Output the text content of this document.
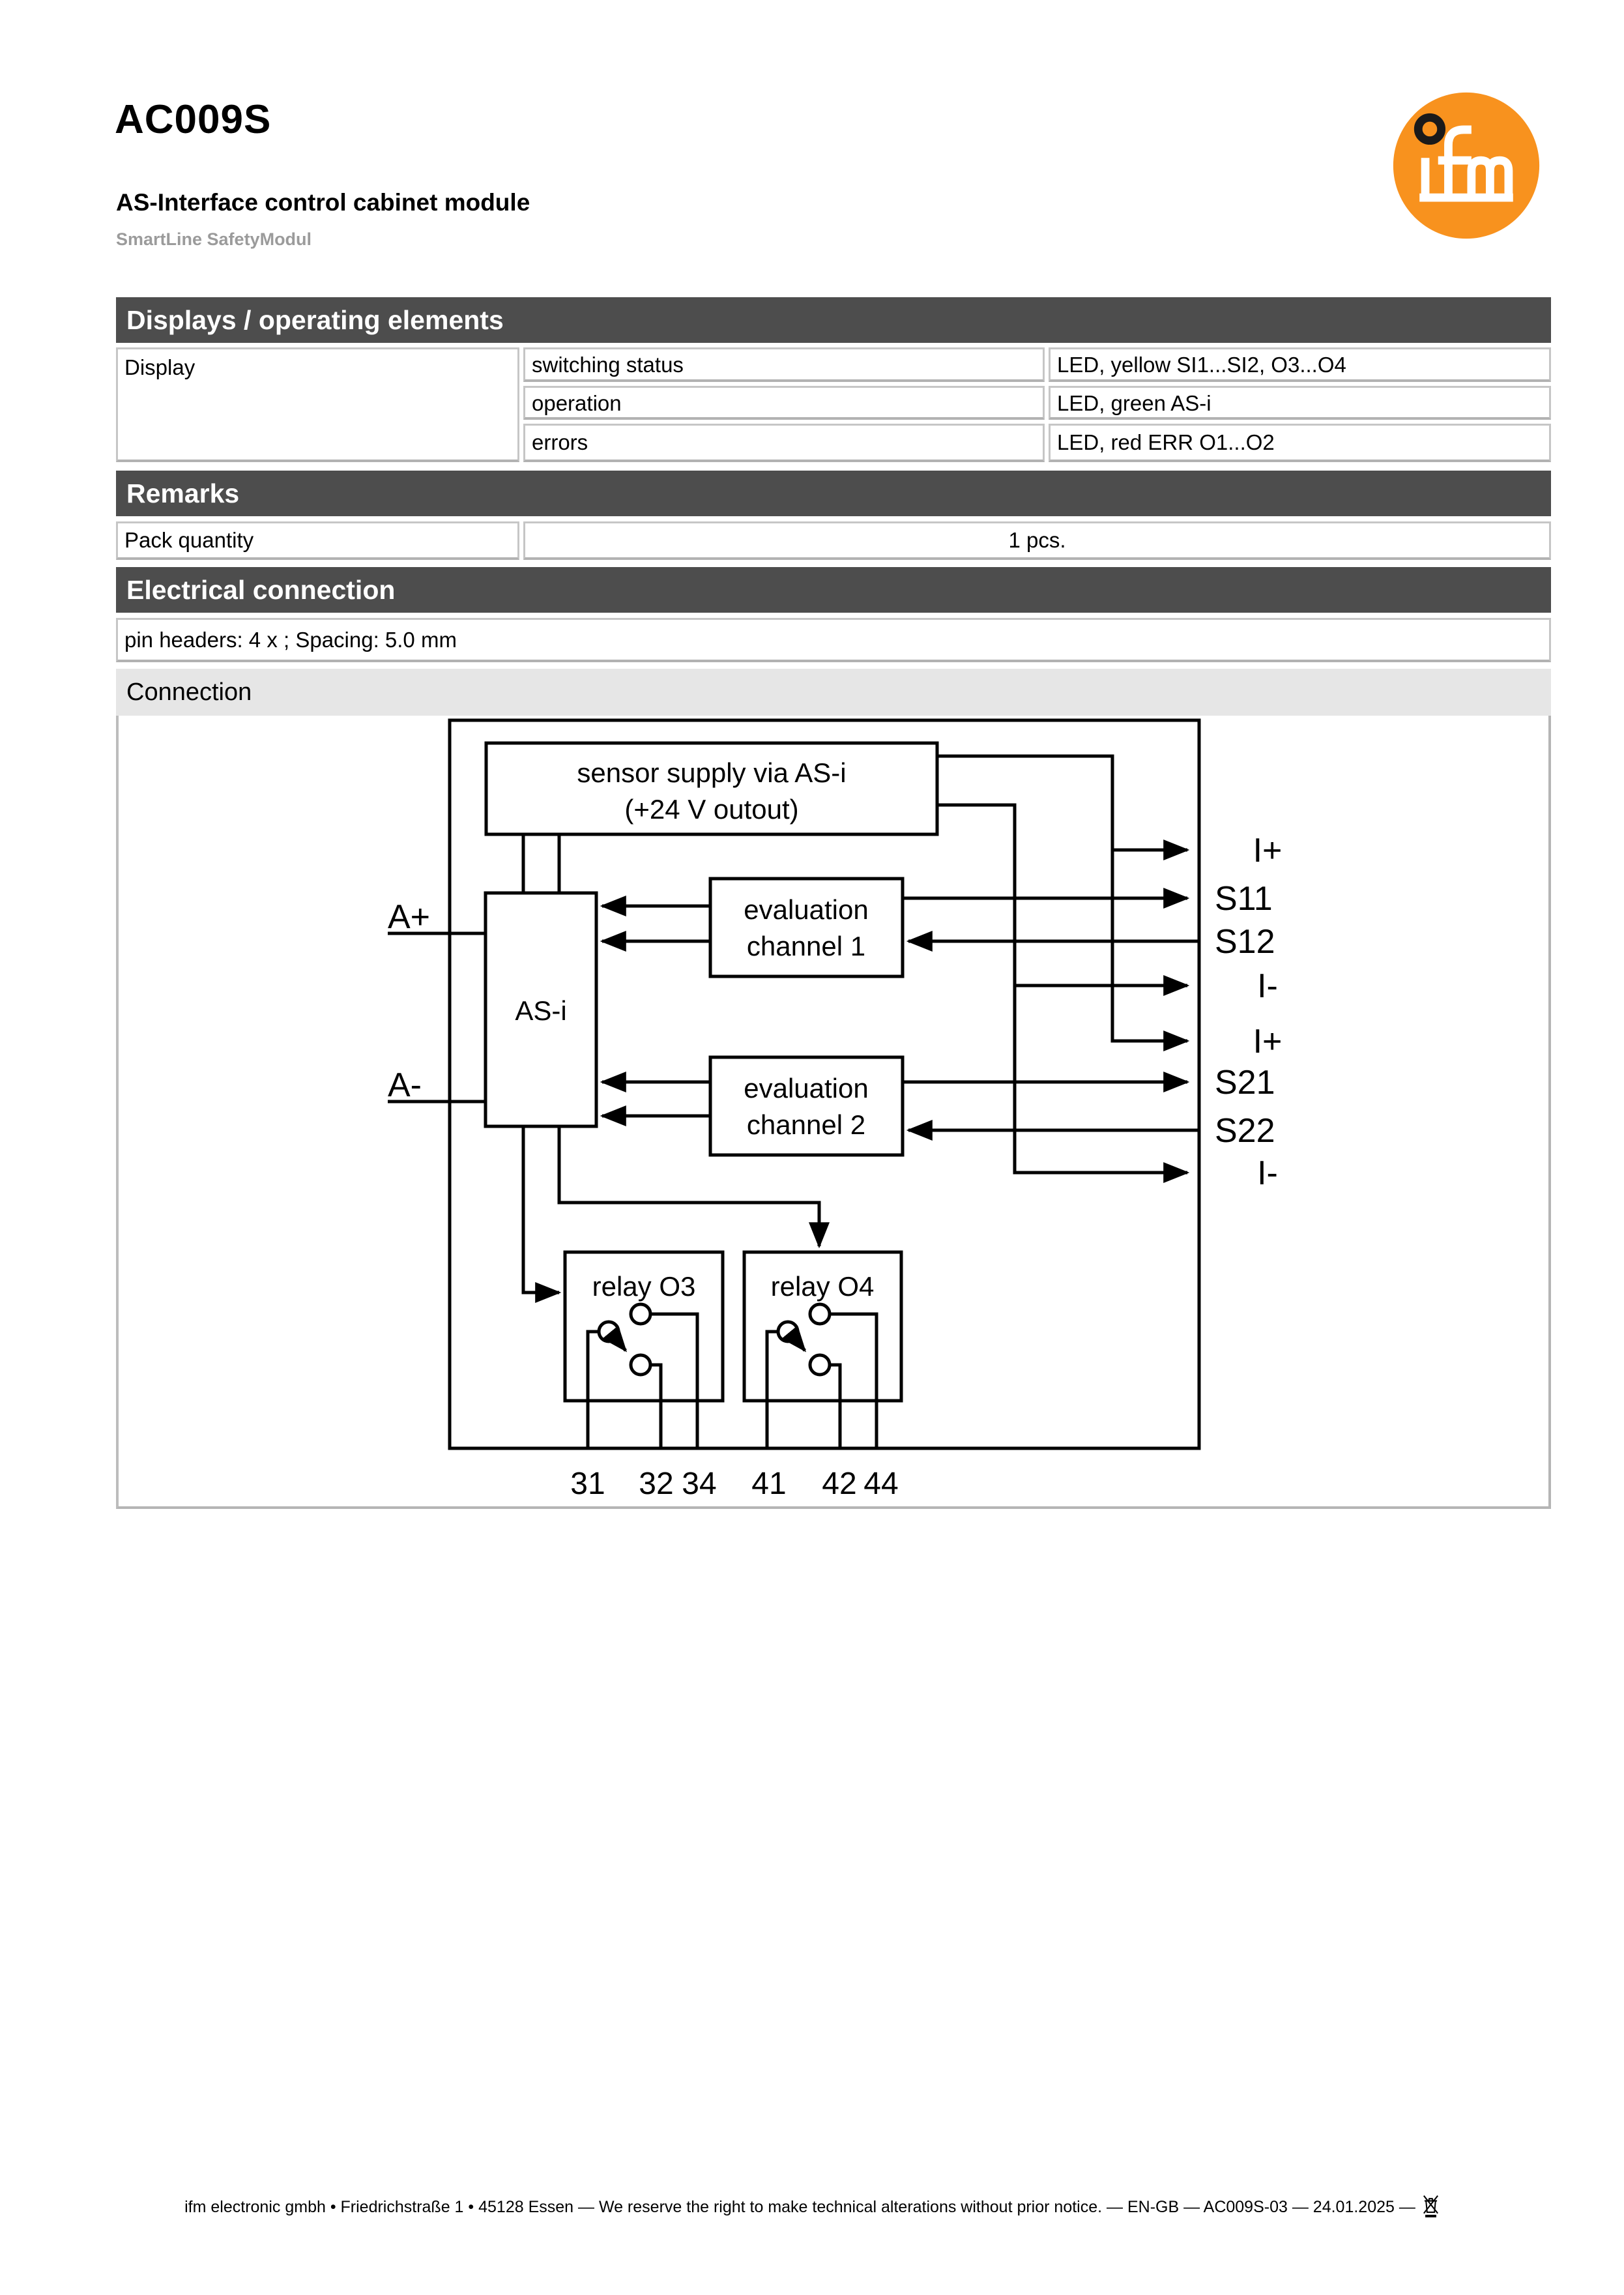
AC009S
AS-Interface control cabinet module
SmartLine SafetyModul
Displays / operating elements
Display	switching status	LED, yellow SI1...SI2, O3...O4
operation	LED, green AS-i
errors	LED, red ERR O1...O2
Remarks
Pack quantity	1 pcs.
Electrical connection
pin headers: 4 x ; Spacing: 5.0 mm
Connection
sensor supply via AS-i
(+24 V outout)
AS-i
evaluation
channel 1
evaluation
channel 2
relay O3	relay O4
A+
A-
I+
S11
S12
I-
I+
S21
S22
I-
31 32 34 41 42 44
ifm electronic gmbh • Friedrichstraße 1 • 45128 Essen — We reserve the right to make technical alterations without prior notice. — EN-GB — AC009S-03 — 24.01.2025 —
